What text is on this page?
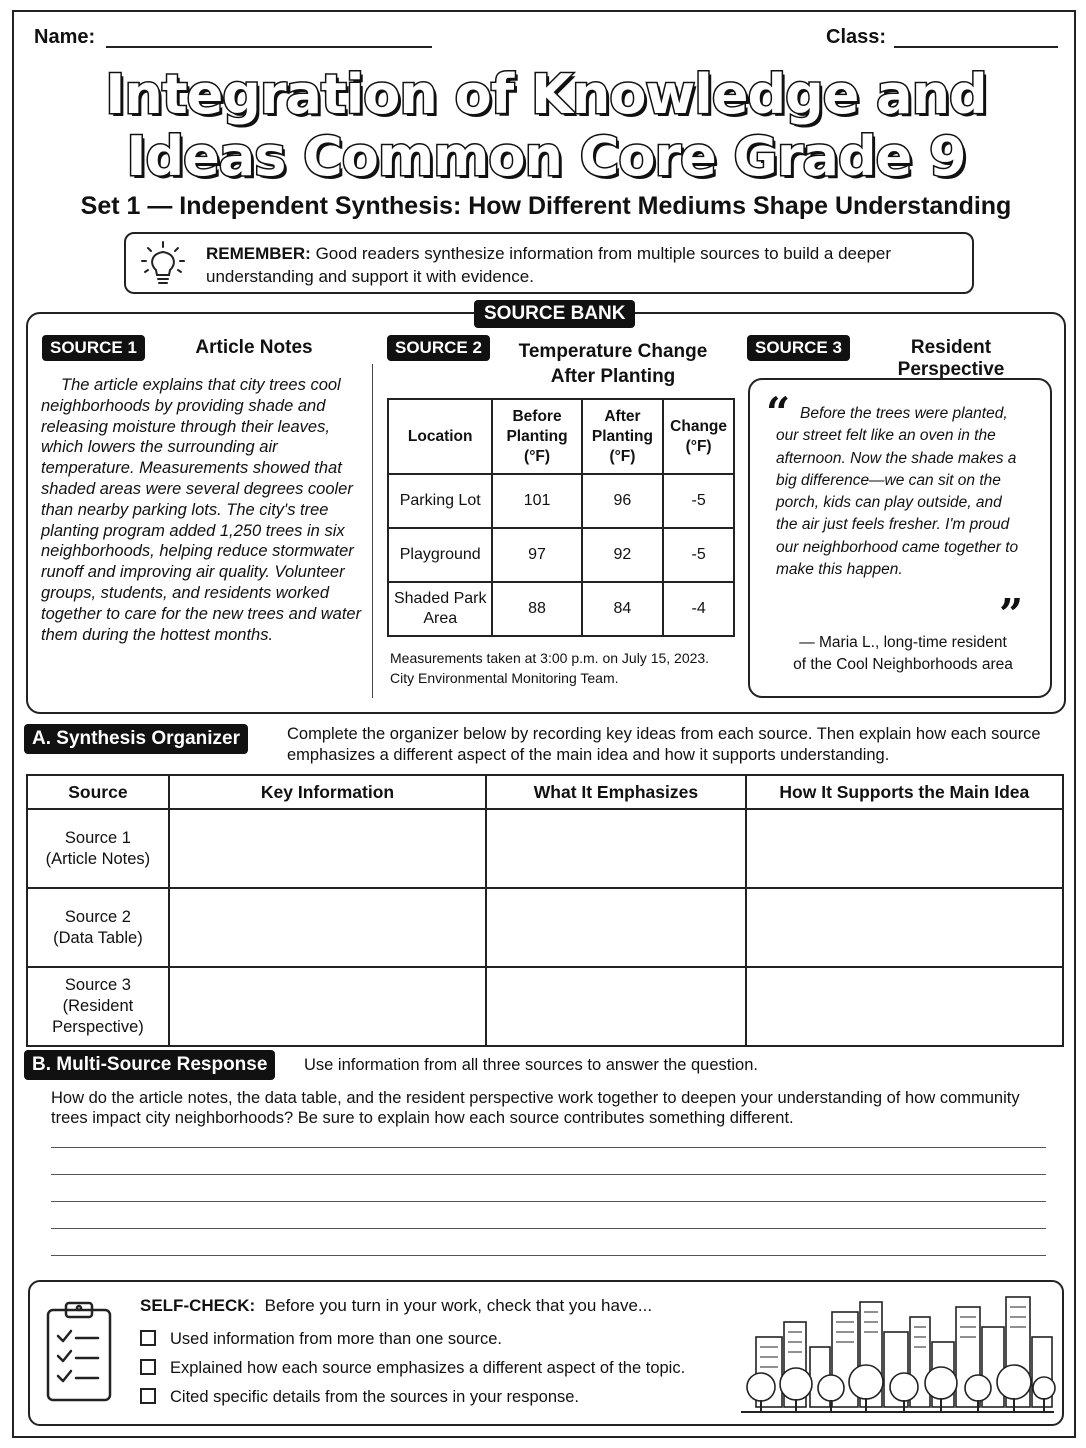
Name:	Class:
Integration of Knowledge and
Ideas Common Core Grade 9
Set 1 — Independent Synthesis: How Different Mediums Shape Understanding
REMEMBER: Good readers synthesize information from multiple sources to build a deeper understanding and support it with evidence.
SOURCE BANK
SOURCE 1	Article Notes
The article explains that city trees cool neighborhoods by providing shade and releasing moisture through their leaves, which lowers the surrounding air temperature. Measurements showed that shaded areas were several degrees cooler than nearby parking lots. The city's tree planting program added 1,250 trees in six neighborhoods, helping reduce stormwater runoff and improving air quality. Volunteer groups, students, and residents worked together to care for the new trees and water them during the hottest months.
SOURCE 2	Temperature Change
After Planting
Location	Before Planting (°F)	After Planting (°F)	Change (°F)
Parking Lot	101	96	-5
Playground	97	92	-5
Shaded Park Area	88	84	-4
Measurements taken at 3:00 p.m. on July 15, 2023.
City Environmental Monitoring Team.
SOURCE 3	Resident Perspective
“ Before the trees were planted, our street felt like an oven in the afternoon. Now the shade makes a big difference—we can sit on the porch, kids can play outside, and the air just feels fresher. I'm proud our neighborhood came together to make this happen.
”
— Maria L., long-time resident
of the Cool Neighborhoods area
A. Synthesis Organizer	Complete the organizer below by recording key ideas from each source. Then explain how each source emphasizes a different aspect of the main idea and how it supports understanding.
Source	Key Information	What It Emphasizes	How It Supports the Main Idea

Source 1
(Article Notes)			

Source 2
(Data Table)			

Source 3
(Resident
Perspective)			

B. Multi-Source Response	Use information from all three sources to answer the question.
How do the article notes, the data table, and the resident perspective work together to deepen your understanding of how community trees impact city neighborhoods? Be sure to explain how each source contributes something different.
SELF-CHECK: Before you turn in your work, check that you have...
Used information from more than one source.
Explained how each source emphasizes a different aspect of the topic.
Cited specific details from the sources in your response.
